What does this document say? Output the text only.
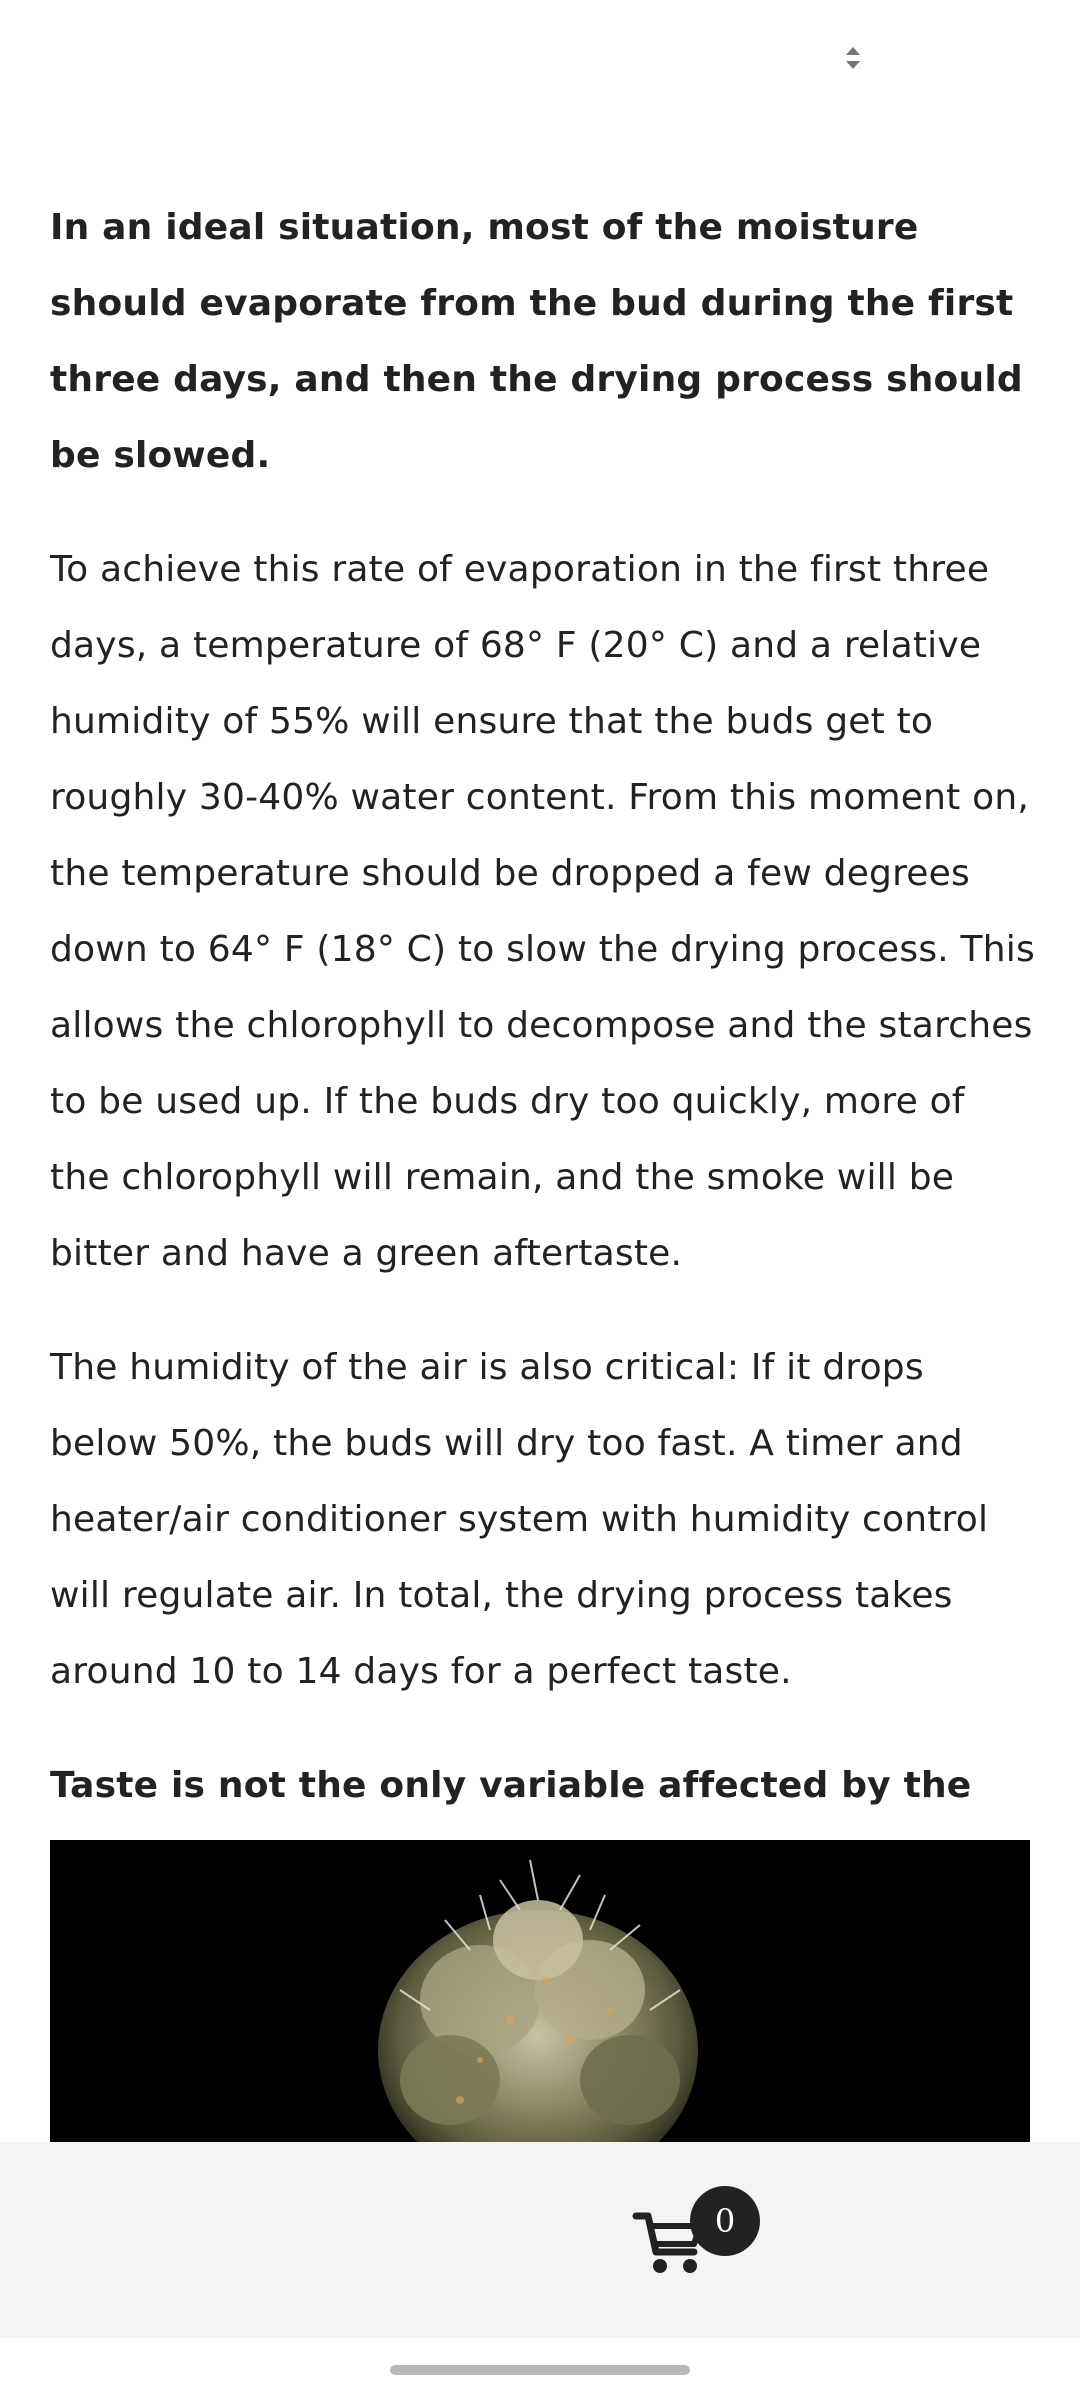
In an ideal situation, most of the moisture should evaporate from the bud during the first three days, and then the drying process should be slowed.

To achieve this rate of evaporation in the first three days, a temperature of 68° F (20° C) and a relative humidity of 55% will ensure that the buds get to roughly 30-40% water content. From this moment on, the temperature should be dropped a few degrees down to 64° F (18° C) to slow the drying process. This allows the chlorophyll to decompose and the starches to be used up. If the buds dry too quickly, more of the chlorophyll will remain, and the smoke will be bitter and have a green aftertaste.

The humidity of the air is also critical: If it drops below 50%, the buds will dry too fast. A timer and heater/air conditioner system with humidity control will regulate air. In total, the drying process takes around 10 to 14 days for a perfect taste.

Taste is not the only variable affected by the

0
